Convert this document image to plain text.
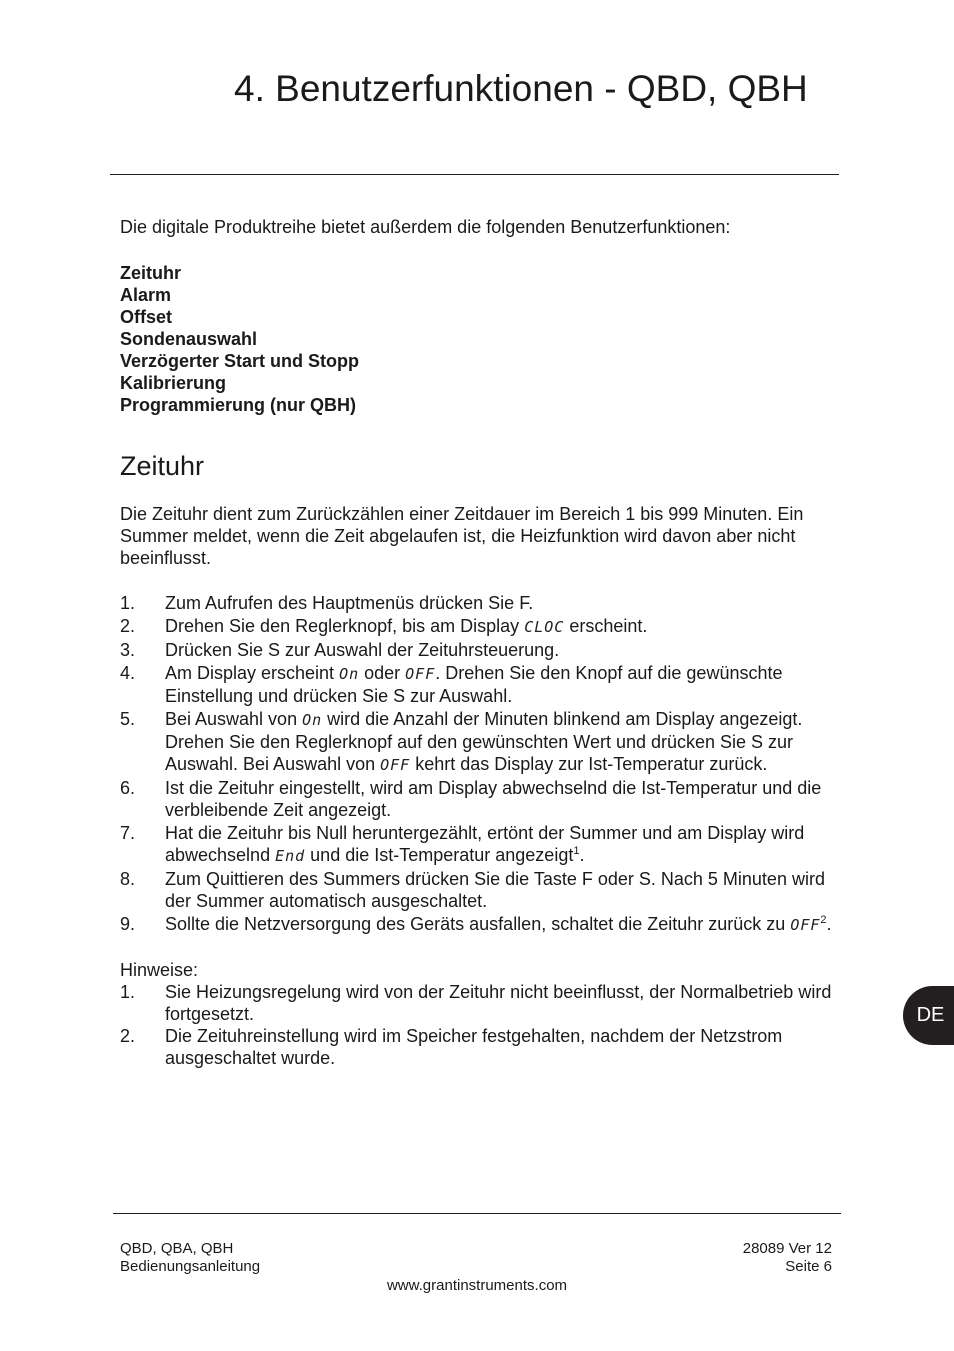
4. Benutzerfunktionen - QBD, QBH

Die digitale Produktreihe bietet außerdem die folgenden Benutzerfunktionen:

Zeituhr
Alarm
Offset
Sondenauswahl
Verzögerter Start und Stopp
Kalibrierung
Programmierung (nur QBH)
Zeituhr

Die Zeituhr dient zum Zurückzählen einer Zeitdauer im Bereich 1 bis 999 Minuten. Ein Summer meldet, wenn die Zeit abgelaufen ist, die Heizfunktion wird davon aber nicht beeinflusst.

1. Zum Aufrufen des Hauptmenüs drücken Sie F.
2. Drehen Sie den Reglerknopf, bis am Display CLOC erscheint.
3. Drücken Sie S zur Auswahl der Zeituhrsteuerung.
4. Am Display erscheint On oder OFF. Drehen Sie den Knopf auf die gewünschte Einstellung und drücken Sie S zur Auswahl.
5. Bei Auswahl von On wird die Anzahl der Minuten blinkend am Display angezeigt. Drehen Sie den Reglerknopf auf den gewünschten Wert und drücken Sie S zur Auswahl. Bei Auswahl von OFF kehrt das Display zur Ist-Temperatur zurück.
6. Ist die Zeituhr eingestellt, wird am Display abwechselnd die Ist-Temperatur und die verbleibende Zeit angezeigt.
7. Hat die Zeituhr bis Null heruntergezählt, ertönt der Summer und am Display wird abwechselnd End und die Ist-Temperatur angezeigt$^1$.
8. Zum Quittieren des Summers drücken Sie die Taste F oder S. Nach 5 Minuten wird der Summer automatisch ausgeschaltet.
9. Sollte die Netzversorgung des Geräts ausfallen, schaltet die Zeituhr zurück zu OFF$^2$.

Hinweise:

1. Sie Heizungsregelung wird von der Zeituhr nicht beeinflusst, der Normalbetrieb wird fortgesetzt.
2. Die Zeituhreinstellung wird im Speicher festgehalten, nachdem der Netzstrom ausgeschaltet wurde.
DE
QBD, QBA, QBH
Bedienungsanleitung
28089 Ver 12
Seite 6
www.grantinstruments.com
